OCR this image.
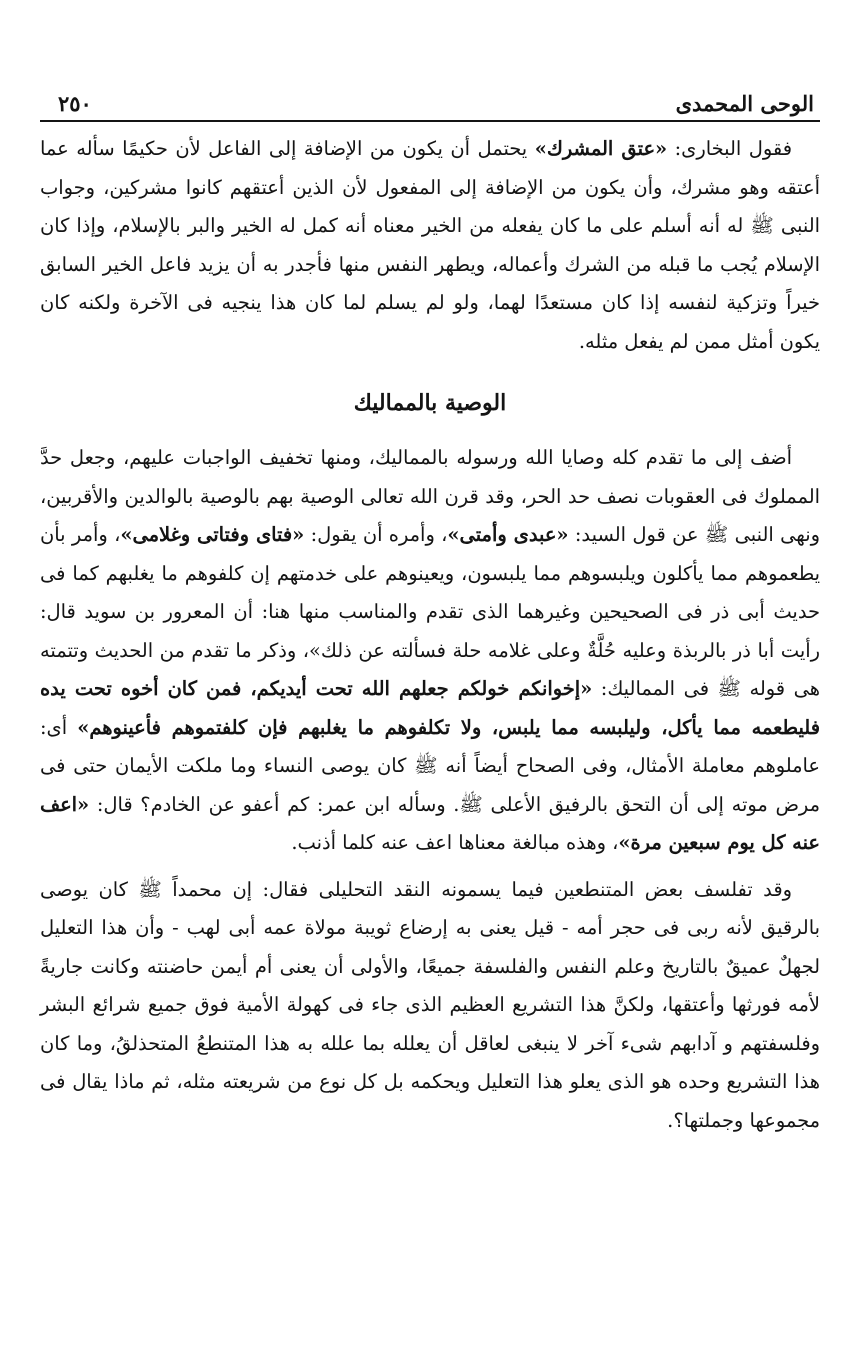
الوحى المحمدى
٢٥٠

فقول البخارى: «عتق المشرك» يحتمل أن يكون من الإضافة إلى الفاعل لأن حكيمًا سأله عما أعتقه وهو مشرك، وأن يكون من الإضافة إلى المفعول لأن الذين أعتقهم كانوا مشركين، وجواب النبى ﷺ له أنه أسلم على ما كان يفعله من الخير معناه أنه كمل له الخير والبر بالإسلام، وإذا كان الإسلام يُجب ما قبله من الشرك وأعماله، ويطهر النفس منها فأجدر به أن يزيد فاعل الخير السابق خيراً وتزكية لنفسه إذا كان مستعدًا لهما، ولو لم يسلم لما كان هذا ينجيه فى الآخرة ولكنه كان يكون أمثل ممن لم يفعل مثله.

الوصية بالمماليك

أضف إلى ما تقدم كله وصايا الله ورسوله بالمماليك، ومنها تخفيف الواجبات عليهم، وجعل حدَّ المملوك فى العقوبات نصف حد الحر، وقد قرن الله تعالى الوصية بهم بالوصية بالوالدين والأقربين، ونهى النبى ﷺ عن قول السيد: «عبدى وأمتى»، وأمره أن يقول: «فتاى وفتاتى وغلامى»، وأمر بأن يطعموهم مما يأكلون ويلبسوهم مما يلبسون، ويعينوهم على خدمتهم إن كلفوهم ما يغلبهم كما فى حديث أبى ذر فى الصحيحين وغيرهما الذى تقدم والمناسب منها هنا: أن المعرور بن سويد قال: رأيت أبا ذر بالربذة وعليه حُلَّةٌ وعلى غلامه حلة فسألته عن ذلك»، وذكر ما تقدم من الحديث وتتمته هى قوله ﷺ فى المماليك: «إخوانكم خولكم جعلهم الله تحت أيديكم، فمن كان أخوه تحت يده فليطعمه مما يأكل، وليلبسه مما يلبس، ولا تكلفوهم ما يغلبهم فإن كلفتموهم فأعينوهم» أى: عاملوهم معاملة الأمثال، وفى الصحاح أيضاً أنه ﷺ كان يوصى النساء وما ملكت الأيمان حتى فى مرض موته إلى أن التحق بالرفيق الأعلى ﷺ. وسأله ابن عمر: كم أعفو عن الخادم؟ قال: «اعف عنه كل يوم سبعين مرة»، وهذه مبالغة معناها اعف عنه كلما أذنب.

وقد تفلسف بعض المتنطعين فيما يسمونه النقد التحليلى فقال: إن محمداً ﷺ كان يوصى بالرقيق لأنه ربى فى حجر أمه - قيل يعنى به إرضاع ثويبة مولاة عمه أبى لهب - وأن هذا التعليل لجهلٌ عميقٌ بالتاريخ وعلم النفس والفلسفة جميعًا، والأولى أن يعنى أم أيمن حاضنته وكانت جاريةً لأمه فورثها وأعتقها، ولكنَّ هذا التشريع العظيم الذى جاء فى كهولة الأمية فوق جميع شرائع البشر وفلسفتهم و آدابهم شىء آخر لا ينبغى لعاقل أن يعلله بما علله به هذا المتنطعُ المتحذلقُ، وما كان هذا التشريع وحده هو الذى يعلو هذا التعليل ويحكمه بل كل نوع من شريعته مثله، ثم ماذا يقال فى مجموعها وجملتها؟.
